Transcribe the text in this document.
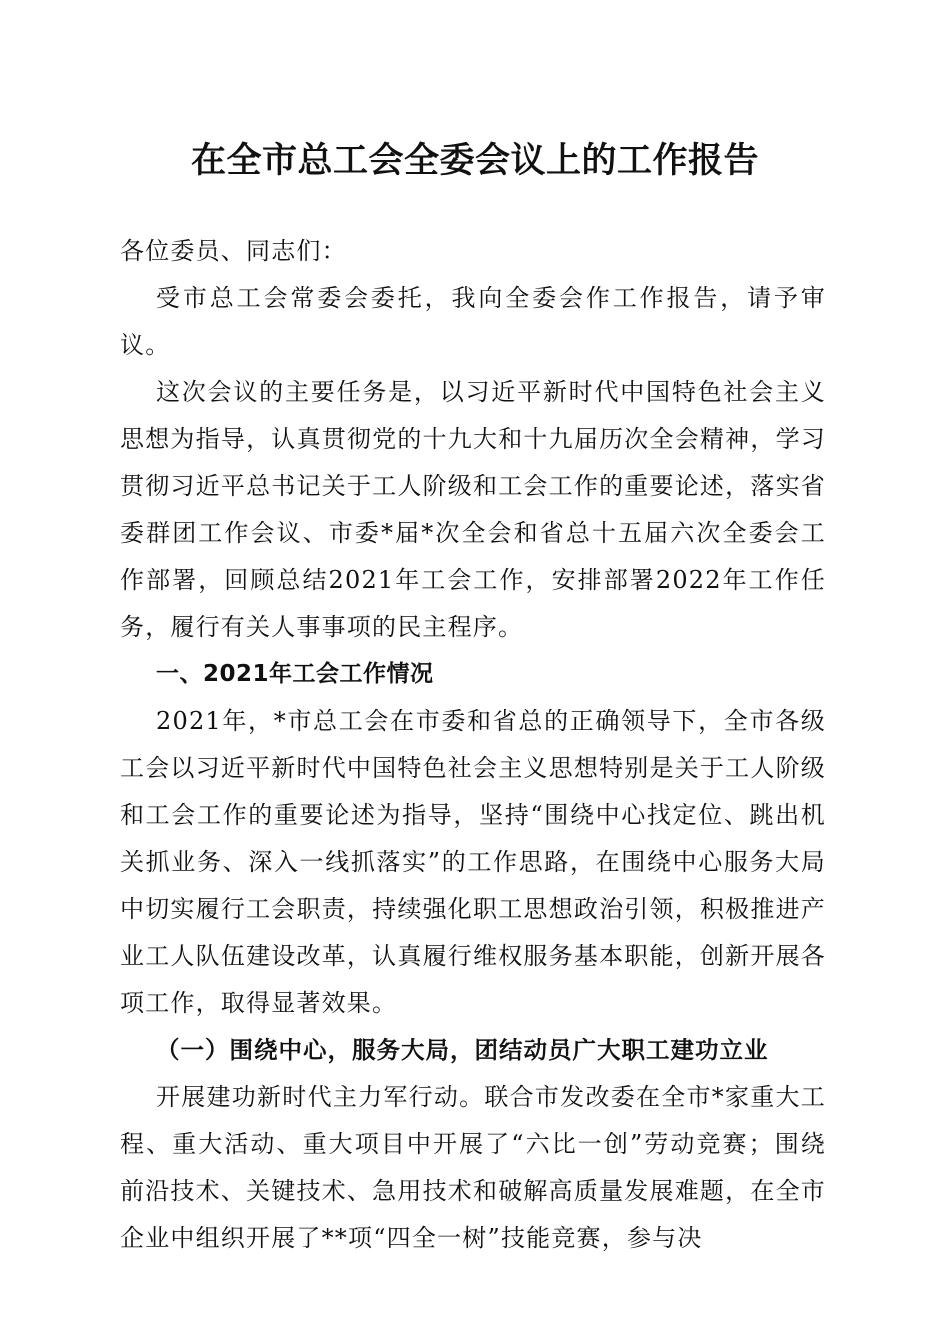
在全市总工会全委会议上的工作报告

各位委员、同志们：

受市总工会常委会委托，我向全委会作工作报告，请予审议。

这次会议的主要任务是，以习近平新时代中国特色社会主义思想为指导，认真贯彻党的十九大和十九届历次全会精神，学习贯彻习近平总书记关于工人阶级和工会工作的重要论述，落实省委群团工作会议、市委*届*次全会和省总十五届六次全委会工作部署，回顾总结2021年工会工作，安排部署2022年工作任务，履行有关人事事项的民主程序。

一、2021年工会工作情况

2021年，*市总工会在市委和省总的正确领导下，全市各级工会以习近平新时代中国特色社会主义思想特别是关于工人阶级和工会工作的重要论述为指导，坚持“围绕中心找定位、跳出机关抓业务、深入一线抓落实”的工作思路，在围绕中心服务大局中切实履行工会职责，持续强化职工思想政治引领，积极推进产业工人队伍建设改革，认真履行维权服务基本职能，创新开展各项工作，取得显著效果。

（一）围绕中心，服务大局，团结动员广大职工建功立业

开展建功新时代主力军行动。联合市发改委在全市*家重大工程、重大活动、重大项目中开展了“六比一创”劳动竞赛；围绕前沿技术、关键技术、急用技术和破解高质量发展难题，在全市企业中组织开展了**项“四全一树”技能竞赛，参与决
